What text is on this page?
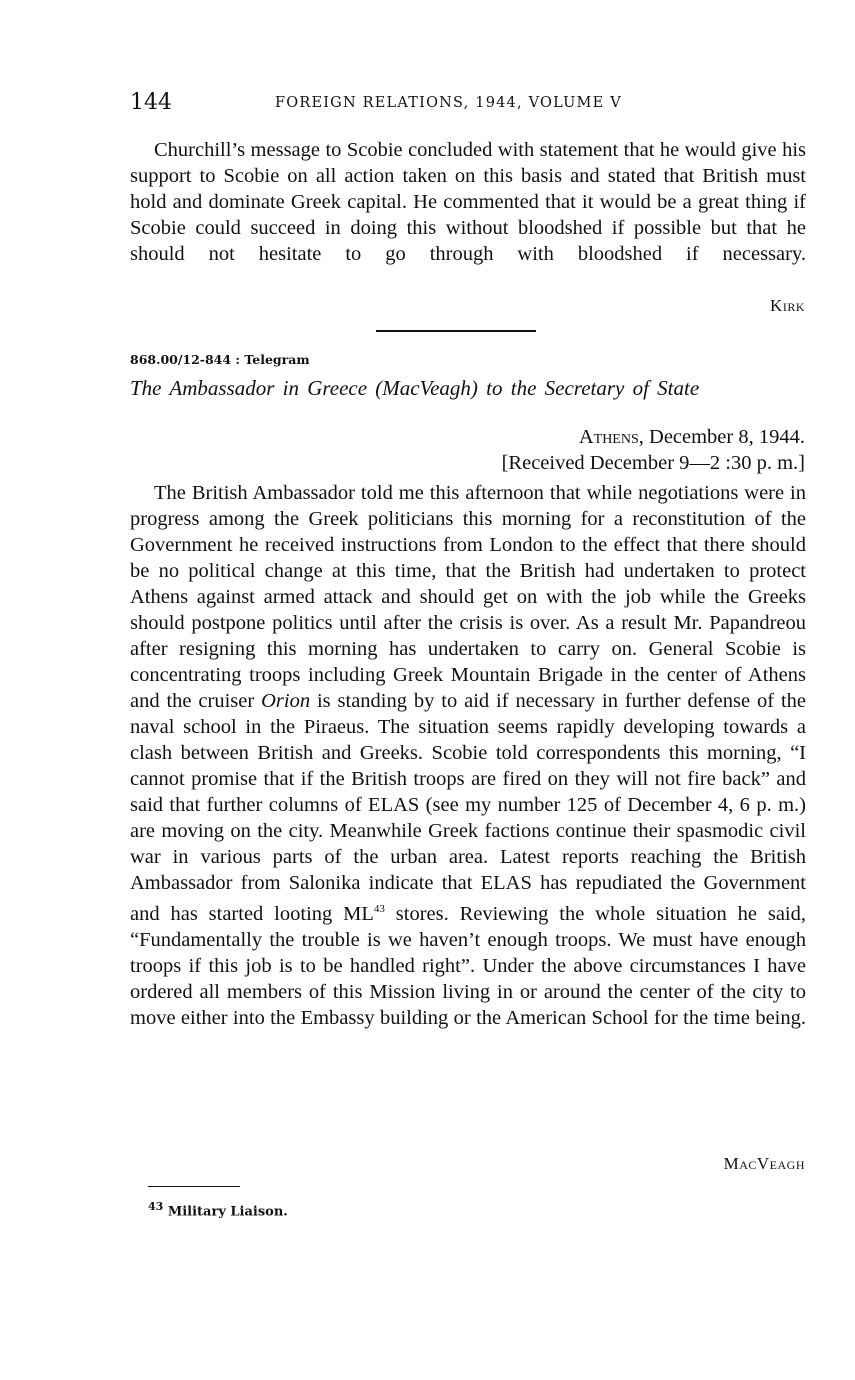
144	FOREIGN RELATIONS, 1944, VOLUME V

Churchill’s message to Scobie concluded with statement that he would give his support to Scobie on all action taken on this basis and stated that British must hold and dominate Greek capital. He commented that it would be a great thing if Scobie could succeed in doing this without bloodshed if possible but that he should not hesitate to go through with bloodshed if necessary.

Kirk
868.00/12-844 : Telegram
The Ambassador in Greece (MacVeagh) to the Secretary of State
Athens, December 8, 1944.
[Received December 9—2 :30 p. m.]

The British Ambassador told me this afternoon that while negotiations were in progress among the Greek politicians this morning for a reconstitution of the Government he received instructions from London to the effect that there should be no political change at this time, that the British had undertaken to protect Athens against armed attack and should get on with the job while the Greeks should postpone politics until after the crisis is over. As a result Mr. Papandreou after resigning this morning has undertaken to carry on. General Scobie is concentrating troops including Greek Mountain Brigade in the center of Athens and the cruiser Orion is standing by to aid if necessary in further defense of the naval school in the Piraeus. The situation seems rapidly developing towards a clash between British and Greeks. Scobie told correspondents this morning, “I cannot promise that if the British troops are fired on they will not fire back” and said that further columns of ELAS (see my number 125 of December 4, 6 p. m.) are moving on the city. Meanwhile Greek factions continue their spasmodic civil war in various parts of the urban area. Latest reports reaching the British Ambassador from Salonika indicate that ELAS has repudiated the Government and has started looting ML$^{43}$ stores. Reviewing the whole situation he said, “Fundamentally the trouble is we haven’t enough troops. We must have enough troops if this job is to be handled right”. Under the above circumstances I have ordered all members of this Mission living in or around the center of the city to move either into the Embassy building or the American School for the time being.

MacVeagh
$^{43}$ Military Liaison.
